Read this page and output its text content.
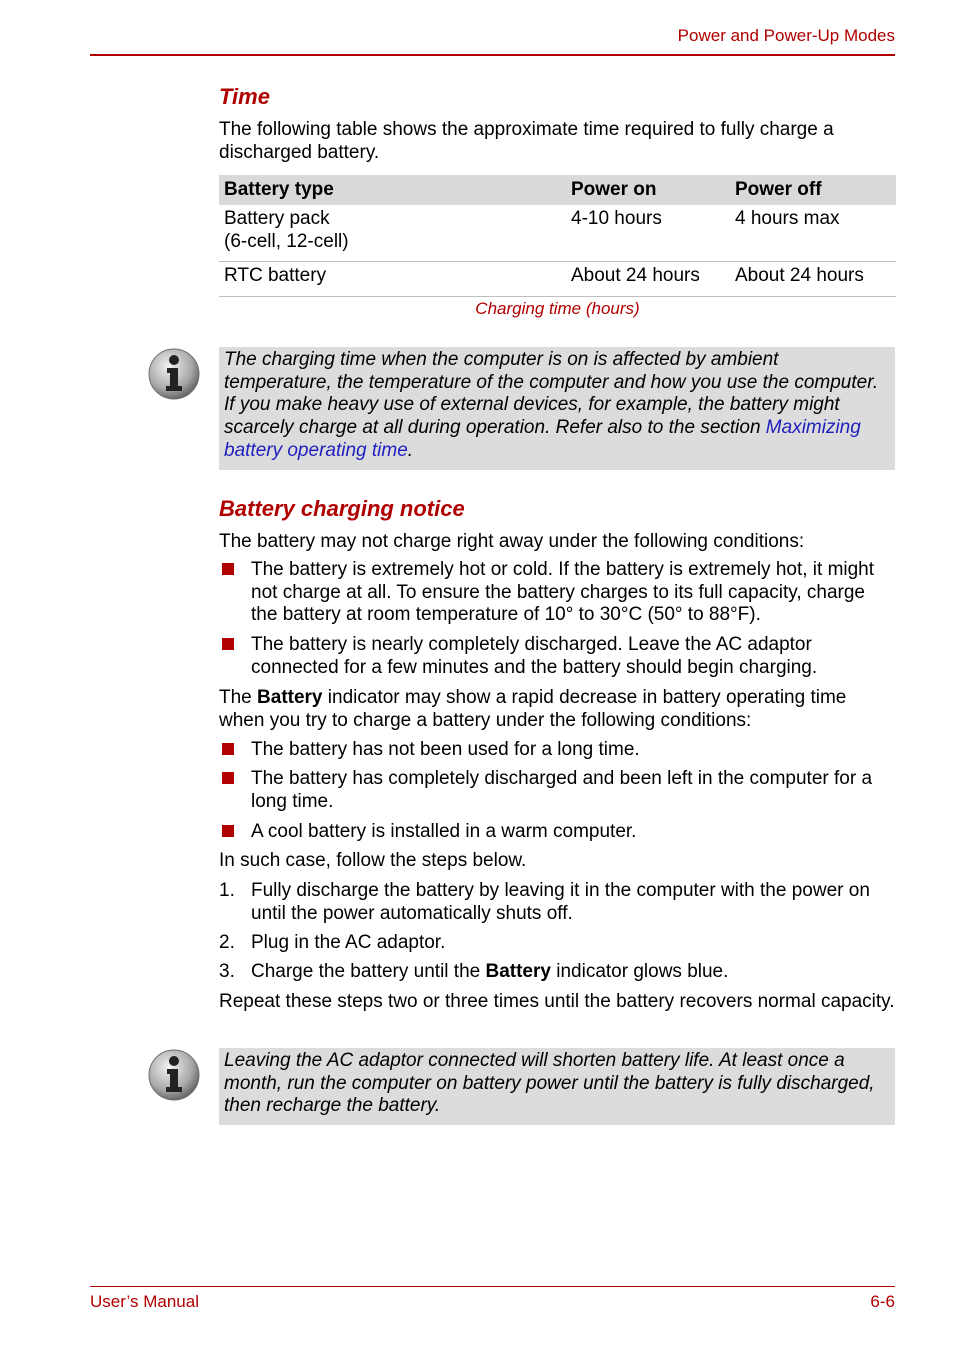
Power and Power-Up Modes
Time

The following table shows the approximate time required to fully charge a discharged battery.

Battery type	Power on	Power off
Battery pack
(6-cell, 12-cell)	4-10 hours	4 hours max
RTC battery	About 24 hours	About 24 hours
Charging time (hours)
The charging time when the computer is on is affected by ambient temperature, the temperature of the computer and how you use the computer. If you make heavy use of external devices, for example, the battery might scarcely charge at all during operation. Refer also to the section Maximizing battery operating time.
Battery charging notice

The battery may not charge right away under the following conditions:

The battery is extremely hot or cold. If the battery is extremely hot, it might not charge at all. To ensure the battery charges to its full capacity, charge the battery at room temperature of 10° to 30°C (50° to 88°F).
The battery is nearly completely discharged. Leave the AC adaptor connected for a few minutes and the battery should begin charging.

The Battery indicator may show a rapid decrease in battery operating time when you try to charge a battery under the following conditions:

The battery has not been used for a long time.
The battery has completely discharged and been left in the computer for a long time.
A cool battery is installed in a warm computer.

In such case, follow the steps below.

1. Fully discharge the battery by leaving it in the computer with the power on until the power automatically shuts off.
2. Plug in the AC adaptor.
3. Charge the battery until the Battery indicator glows blue.

Repeat these steps two or three times until the battery recovers normal capacity.

Leaving the AC adaptor connected will shorten battery life. At least once a month, run the computer on battery power until the battery is fully discharged, then recharge the battery.
User’s Manual	6-6
